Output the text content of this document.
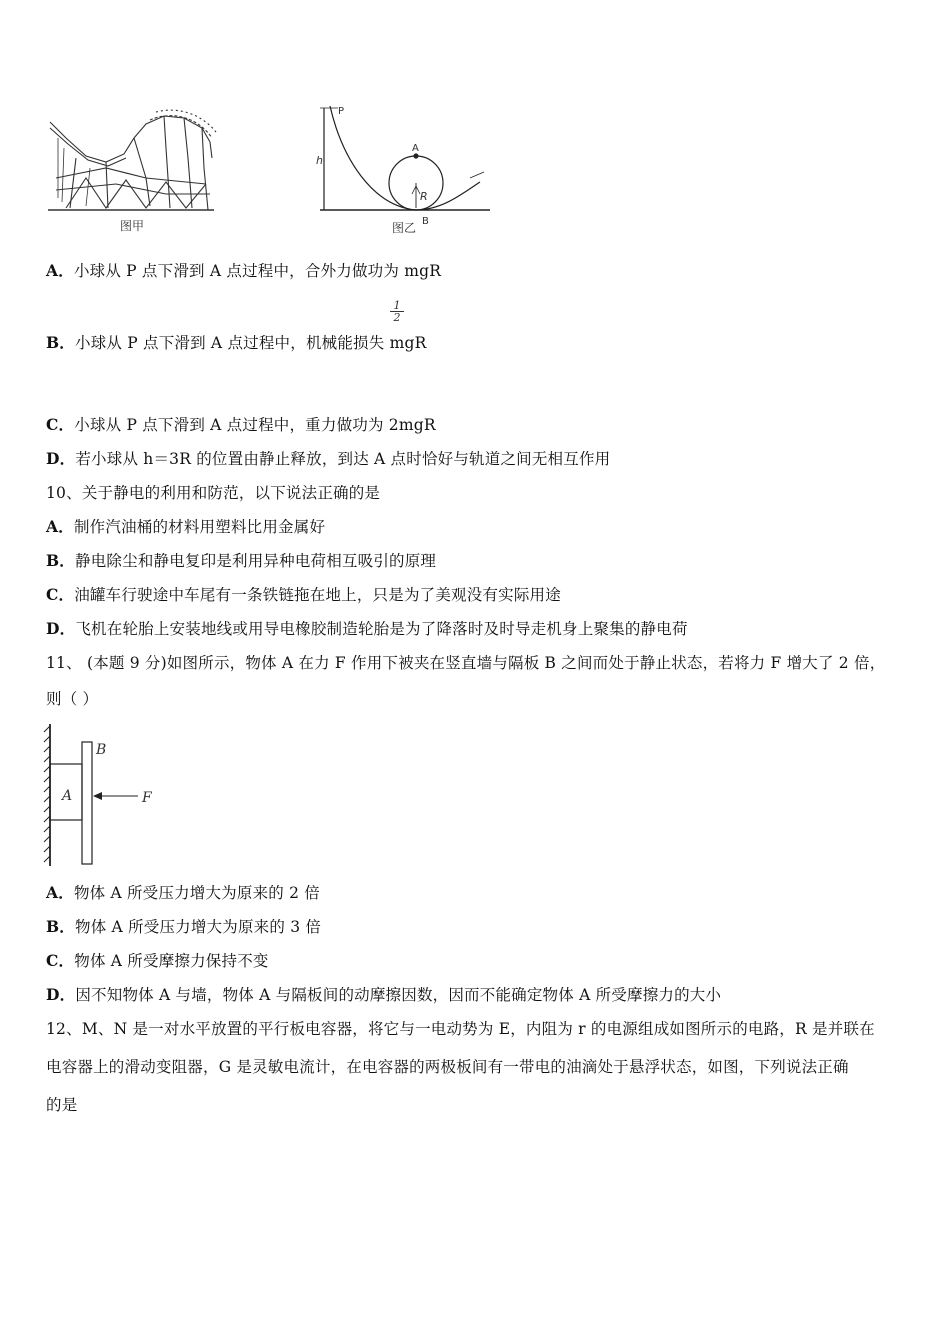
图甲
P
h
A
R
B
图乙
A．小球从 P 点下滑到 A 点过程中，合外力做功为 mgR
$\frac{1}{2}$
B．小球从 P 点下滑到 A 点过程中，机械能损失 mgR
C．小球从 P 点下滑到 A 点过程中，重力做功为 2mgR
D．若小球从 h＝3R 的位置由静止释放，到达 A 点时恰好与轨道之间无相互作用
10、关于静电的利用和防范，以下说法正确的是
A．制作汽油桶的材料用塑料比用金属好
B．静电除尘和静电复印是利用异种电荷相互吸引的原理
C．油罐车行驶途中车尾有一条铁链拖在地上，只是为了美观没有实际用途
D．飞机在轮胎上安装地线或用导电橡胶制造轮胎是为了降落时及时导走机身上聚集的静电荷
11、 (本题 9 分)如图所示，物体 A 在力 F 作用下被夹在竖直墙与隔板 B 之间而处于静止状态，若将力 F 增大了 2 倍，
则（ ）
A
B
F
A．物体 A 所受压力增大为原来的 2 倍
B．物体 A 所受压力增大为原来的 3 倍
C．物体 A 所受摩擦力保持不变
D．因不知物体 A 与墙，物体 A 与隔板间的动摩擦因数，因而不能确定物体 A 所受摩擦力的大小
12、M、N 是一对水平放置的平行板电容器，将它与一电动势为 E，内阻为 r 的电源组成如图所示的电路，R 是并联在
电容器上的滑动变阻器，G 是灵敏电流计，在电容器的两极板间有一带电的油滴处于悬浮状态，如图，下列说法正确
的是
